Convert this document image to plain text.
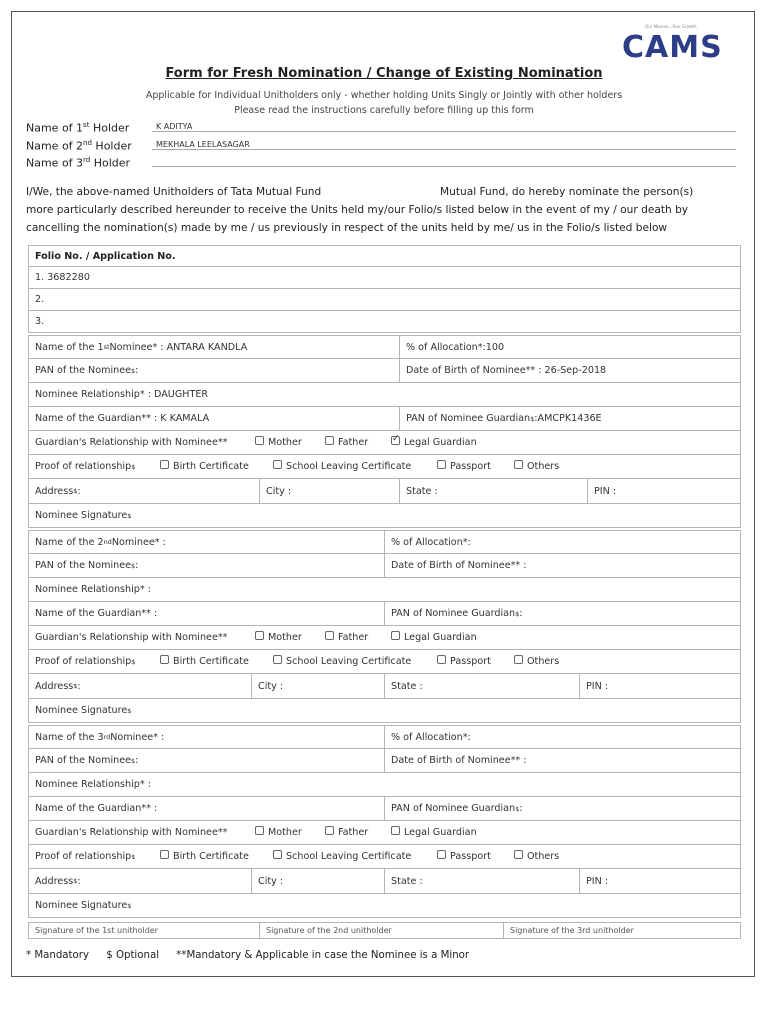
Our Mission...Your Growth
CAMS
Form for Fresh Nomination / Change of Existing Nomination
Applicable for Individual Unitholders only - whether holding Units Singly or Jointly with other holders
Please read the instructions carefully before filling up this form
Name of 1st Holder	K ADITYA
Name of 2nd Holder	MEKHALA LEELASAGAR
Name of 3rd Holder
I/We, the above-named Unitholders of Tata Mutual Fund	Mutual Fund, do hereby nominate the person(s)
more particularly described hereunder to receive the Units held my/our Folio/s listed below in the event of my / our death by
cancelling the nomination(s) made by me / us previously in respect of the units held by me/ us in the Folio/s listed below
Folio No. / Application No.
1. 3682280
2.
3.
Name of the 1 st Nominee* : ANTARA KANDLA	% of Allocation*:100
PAN of the Nominee $ :	Date of Birth of Nominee** : 26-Sep-2018
Nominee Relationship* : DAUGHTER
Name of the Guardian** : K KAMALA	PAN of Nominee Guardian $ :AMCPK1436E
Guardian's Relationship with Nominee**	Mother	Father
✓	Legal Guardian
Proof of relationship $	Birth Certificate	School Leaving Certificate	Passport	Others
Address $ :	City :	State :	PIN :
Nominee Signature $
Name of the 2 nd Nominee* :	% of Allocation*:
PAN of the Nominee $ :	Date of Birth of Nominee** :
Nominee Relationship* :
Name of the Guardian** :	PAN of Nominee Guardian $ :
Guardian's Relationship with Nominee**	Mother	Father	Legal Guardian
Proof of relationship $	Birth Certificate	School Leaving Certificate	Passport	Others
Address $ :	City :	State :	PIN :
Nominee Signature $
Name of the 3 rd Nominee* :	% of Allocation*:
PAN of the Nominee $ :	Date of Birth of Nominee** :
Nominee Relationship* :
Name of the Guardian** :	PAN of Nominee Guardian $ :
Guardian's Relationship with Nominee**	Mother	Father	Legal Guardian
Proof of relationship $	Birth Certificate	School Leaving Certificate	Passport	Others
Address $ :	City :	State :	PIN :
Nominee Signature $
Signature of the 1st unitholder	Signature of the 2nd unitholder	Signature of the 3rd unitholder
* Mandatory $ Optional **Mandatory & Applicable in case the Nominee is a Minor
